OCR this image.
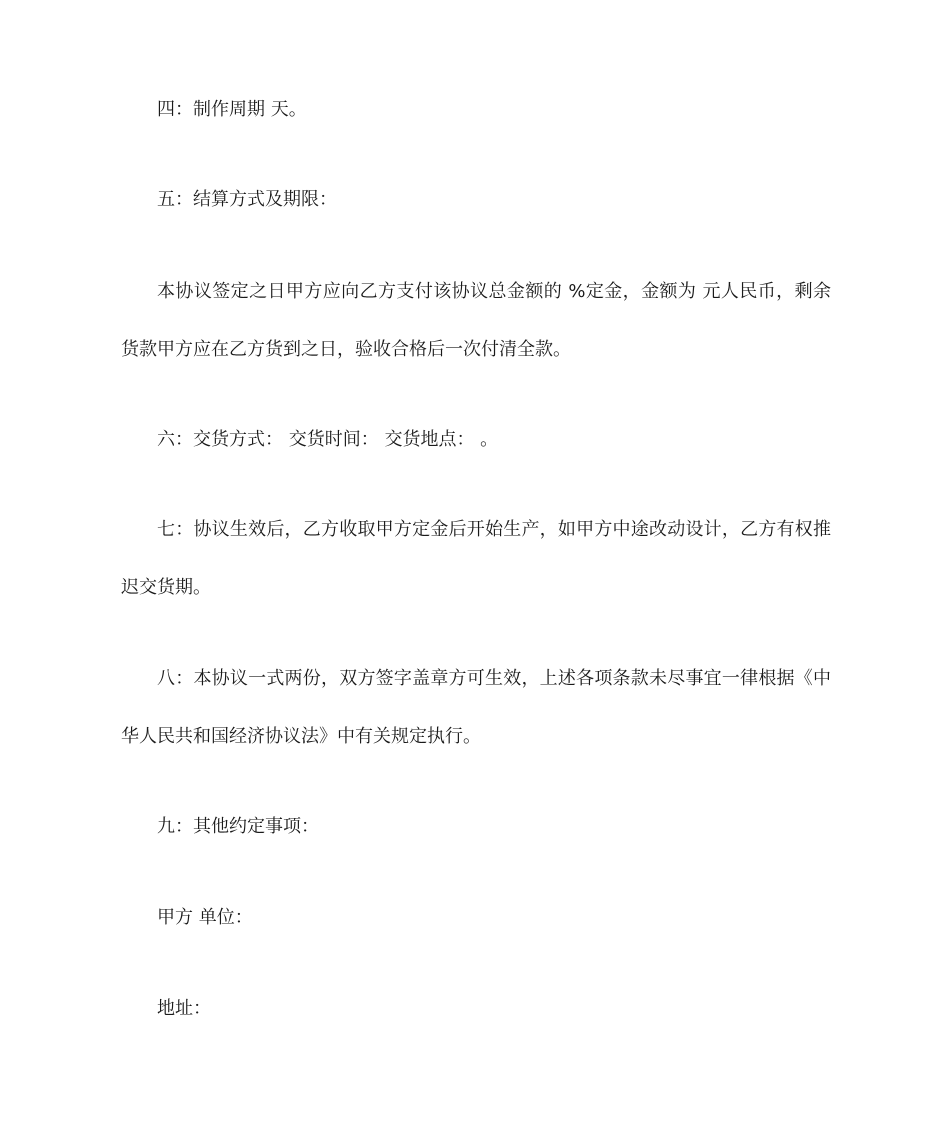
四：制作周期 天。
五：结算方式及期限：
本协议签定之日甲方应向乙方支付该协议总金额的 %定金，金额为 元人民币，剩余
货款甲方应在乙方货到之日，验收合格后一次付清全款。
六：交货方式： 交货时间： 交货地点： 。
七：协议生效后，乙方收取甲方定金后开始生产，如甲方中途改动设计，乙方有权推
迟交货期。
八：本协议一式两份，双方签字盖章方可生效，上述各项条款未尽事宜一律根据《中
华人民共和国经济协议法》中有关规定执行。
九：其他约定事项：
甲方 单位：
地址：
